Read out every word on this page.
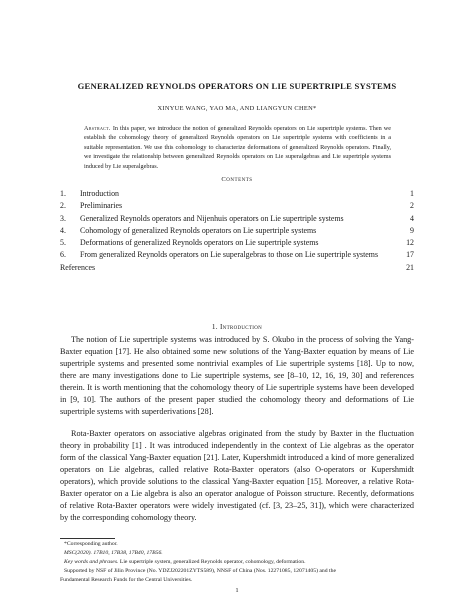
GENERALIZED REYNOLDS OPERATORS ON LIE SUPERTRIPLE SYSTEMS
XINYUE WANG, YAO MA, AND LIANGYUN CHEN*
Abstract. In this paper, we introduce the notion of generalized Reynolds operators on Lie supertriple systems. Then we establish the cohomology theory of generalized Reynolds operators on Lie supertriple systems with coefficients in a suitable representation. We use this cohomology to characterize deformations of generalized Reynolds operators. Finally, we investigate the relationship between generalized Reynolds operators on Lie superalgebras and Lie supertriple systems induced by Lie superalgebras.
Contents
1. Introduction	1
2. Preliminaries	2
3. Generalized Reynolds operators and Nijenhuis operators on Lie supertriple systems	4
4. Cohomology of generalized Reynolds operators on Lie supertriple systems	9
5. Deformations of generalized Reynolds operators on Lie supertriple systems	12
6. From generalized Reynolds operators on Lie superalgebras to those on Lie supertriple systems	17
References	21
1. Introduction

The notion of Lie supertriple systems was introduced by S. Okubo in the process of solving the Yang-Baxter equation [17]. He also obtained some new solutions of the Yang-Baxter equation by means of Lie supertriple systems and presented some nontrivial examples of Lie supertriple systems [18]. Up to now, there are many investigations done to Lie supertriple systems, see [8–10, 12, 16, 19, 30] and references therein. It is worth mentioning that the cohomology theory of Lie supertriple systems have been developed in [9, 10]. The authors of the present paper studied the cohomology theory and deformations of Lie supertriple systems with superderivations [28].

Rota-Baxter operators on associative algebras originated from the study by Baxter in the fluctuation theory in probability [1] . It was introduced independently in the context of Lie algebras as the operator form of the classical Yang-Baxter equation [21]. Later, Kupershmidt introduced a kind of more generalized operators on Lie algebras, called relative Rota-Baxter operators (also O-operators or Kupershmidt operators), which provide solutions to the classical Yang-Baxter equation [15]. Moreover, a relative Rota-Baxter operator on a Lie algebra is also an operator analogue of Poisson structure. Recently, deformations of relative Rota-Baxter operators were widely investigated (cf. [3, 23–25, 31]), which were characterized by the corresponding cohomology theory.

*Corresponding author.
MSC(2020). 17B10, 17B38, 17B40, 17B56.
Key words and phrases. Lie supertriple system, generalized Reynolds operator, cohomology, deformation.
Supported by NSF of Jilin Province (No. YDZJ202201ZYTS589), NNSF of China (Nos. 12271085, 12071405) and the
Fundamental Research Funds for the Central Universities.
1
